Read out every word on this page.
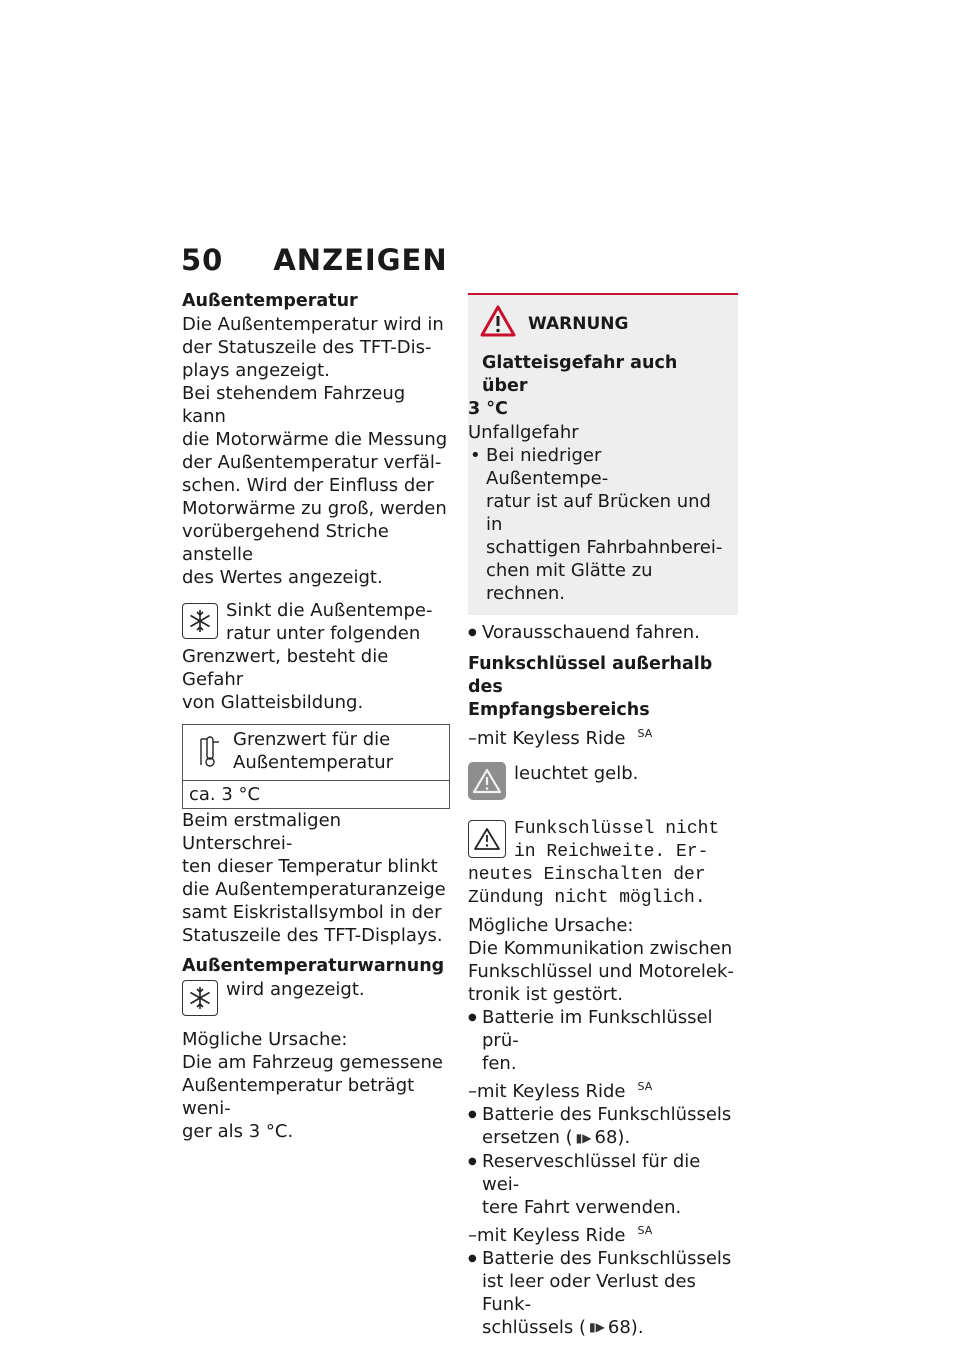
50 ANZEIGEN
Außentemperatur

Die Außentemperatur wird in
der Statuszeile des TFT-Dis-
plays angezeigt.

Bei stehendem Fahrzeug kann
die Motorwärme die Messung
der Außentemperatur verfäl-
schen. Wird der Einfluss der
Motorwärme zu groß, werden
vorübergehend Striche anstelle
des Wertes angezeigt.

Sinkt die Außentempe-
ratur unter folgenden
Grenzwert, besteht die Gefahr
von Glatteisbildung.
Grenzwert für die
Außentemperatur
ca. 3 °C

Beim erstmaligen Unterschrei-
ten dieser Temperatur blinkt
die Außentemperaturanzeige
samt Eiskristallsymbol in der
Statuszeile des TFT-Displays.

Außentemperaturwarnung
wird angezeigt.

Mögliche Ursache:
Die am Fahrzeug gemessene
Außentemperatur beträgt weni-
ger als 3 °C.

WARNUNG
Glatteisgefahr auch über
3 °C
Unfallgefahr
• Bei niedriger Außentempe-
ratur ist auf Brücken und in
schattigen Fahrbahnberei-
chen mit Glätte zu rechnen.
● Vorausschauend fahren.
Funkschlüssel außerhalb des
Empfangsbereichs
–mit Keyless Ride $^{SA}$
leuchtet gelb.
Funkschlüssel nicht
in Reichweite. Er-
neutes Einschalten der
Zündung nicht möglich.

Mögliche Ursache:
Die Kommunikation zwischen
Funkschlüssel und Motorelek-
tronik ist gestört.

● Batterie im Funkschlüssel prü-
fen.
–mit Keyless Ride $^{SA}$
● Batterie des Funkschlüssels
ersetzen ( ▮▶ 68).
● Reserveschlüssel für die wei-
tere Fahrt verwenden.
–mit Keyless Ride $^{SA}$
● Batterie des Funkschlüssels
ist leer oder Verlust des Funk-
schlüssels ( ▮▶ 68).
